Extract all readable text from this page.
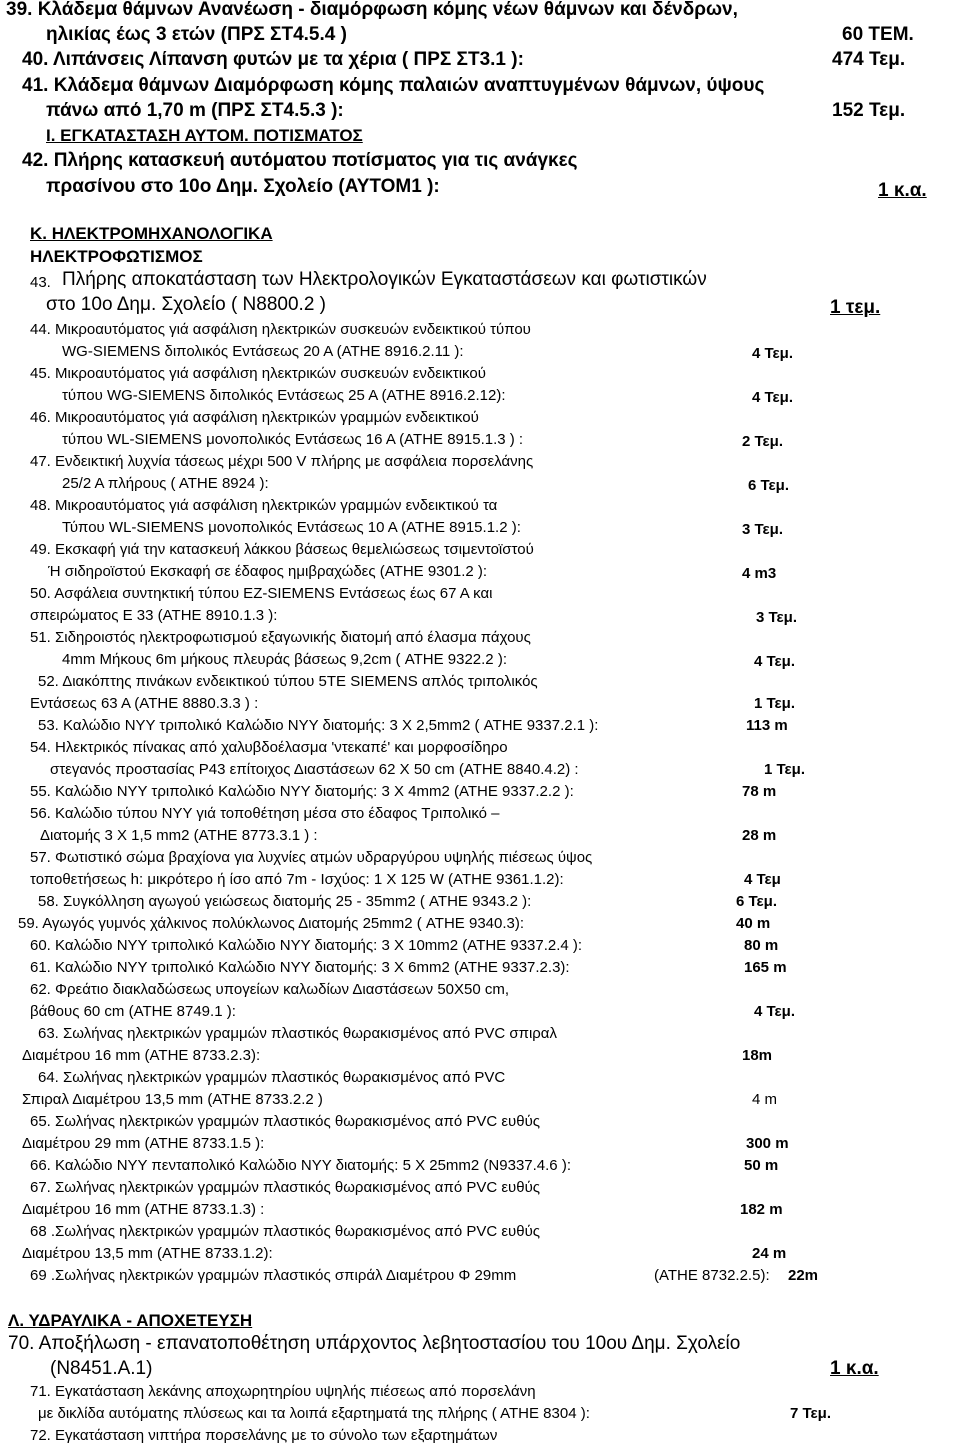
39. Κλάδεμα θάμνων Ανανέωση - διαμόρφωση κόμης νέων θάμνων και δένδρων,
ηλικίας έως 3 ετών (ΠΡΣ ΣΤ4.5.4 )	60 ΤΕΜ.
40. Λιπάνσεις Λίπανση φυτών με τα χέρια ( ΠΡΣ ΣΤ3.1 ):	474 Τεμ.
41. Κλάδεμα θάμνων Διαμόρφωση κόμης παλαιών αναπτυγμένων θάμνων, ύψους
πάνω από 1,70 m (ΠΡΣ ΣΤ4.5.3 ):	152 Τεμ.
Ι. ΕΓΚΑΤΑΣΤΑΣΗ ΑΥΤΟΜ. ΠΟΤΙΣΜΑΤΟΣ
42. Πλήρης κατασκευή αυτόματου ποτίσματος για τις ανάγκες
πρασίνου στο 10ο Δημ. Σχολείο (ΑΥΤΟΜ1 ):	1 κ.α.
Κ. ΗΛΕΚΤΡΟΜΗΧΑΝΟΛΟΓΙΚΑ
ΗΛΕΚΤΡΟΦΩΤΙΣΜΟΣ
43. Πλήρης αποκατάσταση των Ηλεκτρολογικών Εγκαταστάσεων και φωτιστικών
στο 10ο Δημ. Σχολείο ( Ν8800.2 )	1 τεμ.
44. Μικροαυτόματος γιά ασφάλιση ηλεκτρικών συσκευών ενδεικτικού τύπου
WG-SIEMENS διπολικός Εντάσεως 20 Α (ΑΤΗΕ 8916.2.11 ):	4 Τεμ.
45. Μικροαυτόματος γιά ασφάλιση ηλεκτρικών συσκευών ενδεικτικού
τύπου WG-SIEMENS διπολικός Εντάσεως 25 Α (ΑΤΗΕ 8916.2.12):	4 Τεμ.
46. Μικροαυτόματος γιά ασφάλιση ηλεκτρικών γραμμών ενδεικτικού
τύπου WL-SIEMENS μονοπολικός Εντάσεως 16 Α (ΑΤΗΕ 8915.1.3 ) :	2 Τεμ.
47. Ενδεικτική λυχνία τάσεως μέχρι 500 V πλήρης με ασφάλεια πορσελάνης
25/2 Α πλήρους ( ΑΤΗΕ 8924 ):	6 Τεμ.
48. Μικροαυτόματος γιά ασφάλιση ηλεκτρικών γραμμών ενδεικτικού τα
Τύπου WL-SIEMENS μονοπολικός Εντάσεως 10 Α (ΑΤΗΕ 8915.1.2 ):	3 Τεμ.
49. Εκσκαφή γιά την κατασκευή λάκκου βάσεως θεμελιώσεως τσιμεντοϊστού
Ή σιδηροϊστού Εκσκαφή σε έδαφος ημιβραχώδες (ΑΤΗΕ 9301.2 ):	4 m3
50. Ασφάλεια συντηκτική τύπου EZ-SIEMENS Εντάσεως έως 67 Α και
σπειρώματος Ε 33 (ΑΤΗΕ 8910.1.3 ):	3 Τεμ.
51. Σιδηροιστός ηλεκτροφωτισμού εξαγωνικής διατομή από έλασμα πάχους
4mm Μήκους 6m μήκους πλευράς βάσεως 9,2cm ( ΑΤΗΕ 9322.2 ):	4 Τεμ.
52. Διακόπτης πινάκων ενδεικτικού τύπου 5ΤΕ SIEMENS απλός τριπολικός
Εντάσεως 63 Α (ΑΤΗΕ 8880.3.3 ) :	1 Τεμ.
53. Καλώδιο ΝΥΥ τριπολικό Καλώδιο ΝΥΥ διατομής: 3 Χ 2,5mm2 ( ΑΤΗΕ 9337.2.1 ):	113 m
54. Ηλεκτρικός πίνακας από χαλυβδοέλασμα 'ντεκαπέ' και μορφοσίδηρο
στεγανός προστασίας Ρ43 επίτοιχος Διαστάσεων 62 Χ 50 cm (ΑΤΗΕ 8840.4.2) :	1 Τεμ.
55. Καλώδιο ΝΥΥ τριπολικό Καλώδιο ΝΥΥ διατομής: 3 Χ 4mm2 (ΑΤΗΕ 9337.2.2 ):	78 m
56. Καλώδιο τύπου ΝΥΥ γιά τοποθέτηση μέσα στο έδαφος Τριπολικό –
Διατομής 3 Χ 1,5 mm2 (ΑΤΗΕ 8773.3.1 ) :	28 m
57. Φωτιστικό σώμα βραχίονα για λυχνίες ατμών υδραργύρου υψηλής πιέσεως ύψος
τοποθετήσεως h: μικρότερο ή ίσο από 7m - Ισχύος: 1 Χ 125 W (ΑΤΗΕ 9361.1.2):	4 Τεμ
58. Συγκόλληση αγωγού γειώσεως διατομής 25 - 35mm2 ( ΑΤΗΕ 9343.2 ):	6 Τεμ.
59. Αγωγός γυμνός χάλκινος πολύκλωνος Διατομής 25mm2 ( ΑΤΗΕ 9340.3):	40 m
60. Καλώδιο ΝΥΥ τριπολικό Καλώδιο ΝΥΥ διατομής: 3 Χ 10mm2 (ΑΤΗΕ 9337.2.4 ):	80 m
61. Καλώδιο ΝΥΥ τριπολικό Καλώδιο ΝΥΥ διατομής: 3 Χ 6mm2 (ΑΤΗΕ 9337.2.3):	165 m
62. Φρεάτιο διακλαδώσεως υπογείων καλωδίων Διαστάσεων 50Χ50 cm,
βάθους 60 cm (ΑΤΗΕ 8749.1 ):	4 Τεμ.
63. Σωλήνας ηλεκτρικών γραμμών πλαστικός θωρακισμένος από PVC σπιραλ
Διαμέτρου 16 mm (ΑΤΗΕ 8733.2.3):	18m
64. Σωλήνας ηλεκτρικών γραμμών πλαστικός θωρακισμένος από PVC
Σπιραλ Διαμέτρου 13,5 mm (ΑΤΗΕ 8733.2.2 )	4 m
65. Σωλήνας ηλεκτρικών γραμμών πλαστικός θωρακισμένος από PVC ευθύς
Διαμέτρου 29 mm (ΑΤΗΕ 8733.1.5 ):	300 m
66. Καλώδιο ΝΥΥ πενταπολικό Καλώδιο ΝΥΥ διατομής: 5 Χ 25mm2 (Ν9337.4.6 ):	50 m
67. Σωλήνας ηλεκτρικών γραμμών πλαστικός θωρακισμένος από PVC ευθύς
Διαμέτρου 16 mm (ΑΤΗΕ 8733.1.3) :	182 m
68 .Σωλήνας ηλεκτρικών γραμμών πλαστικός θωρακισμένος από PVC ευθύς
Διαμέτρου 13,5 mm (ΑΤΗΕ 8733.1.2):	24 m
69 .Σωλήνας ηλεκτρικών γραμμών πλαστικός σπιράλ Διαμέτρου Φ 29mm	(ΑΤΗΕ 8732.2.5): 22m
Λ. ΥΔΡΑΥΛΙΚΑ - ΑΠΟΧΕΤΕΥΣΗ
70. Αποξήλωση - επανατοποθέτηση υπάρχοντος λεβητοστασίου του 10ου Δημ. Σχολείο
(Ν8451.Α.1)	1 κ.α.
71. Εγκατάσταση λεκάνης αποχωρητηρίου υψηλής πιέσεως από πορσελάνη
με δικλίδα αυτόματης πλύσεως και τα λοιπά εξαρτηματά της πλήρης ( ΑΤΗΕ 8304 ):	7 Τεμ.
72. Εγκατάσταση νιπτήρα πορσελάνης με το σύνολο των εξαρτημάτων
